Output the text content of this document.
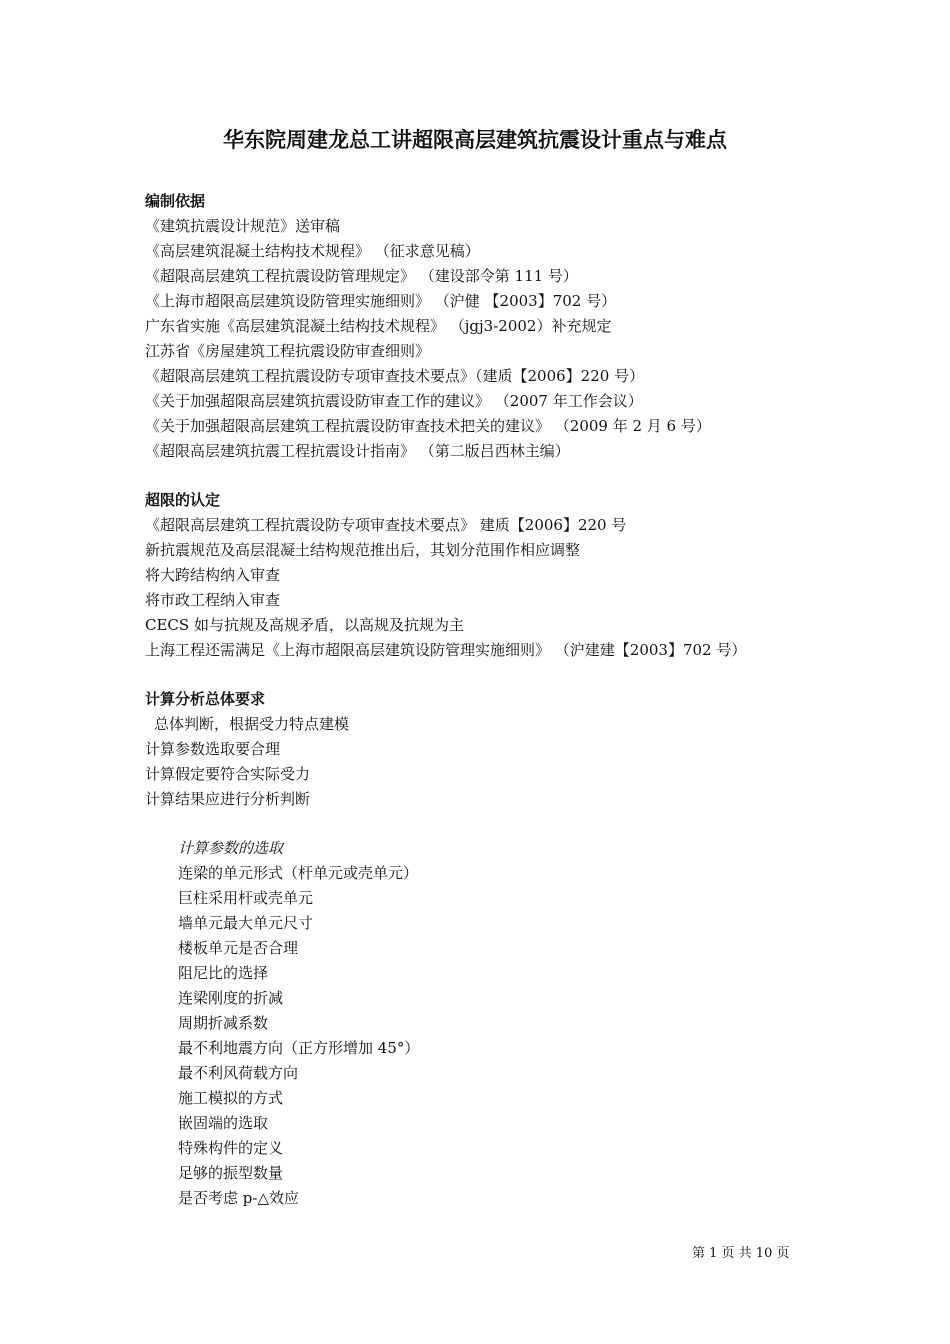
华东院周建龙总工讲超限高层建筑抗震设计重点与难点
编制依据
《建筑抗震设计规范》送审稿
《高层建筑混凝土结构技术规程》 （征求意见稿）
《超限高层建筑工程抗震设防管理规定》 （建设部令第 111 号）
《上海市超限高层建筑设防管理实施细则》 （沪健 【2003】702 号）
广东省实施《高层建筑混凝土结构技术规程》 （jgj3-2002）补充规定
江苏省《房屋建筑工程抗震设防审查细则》
《超限高层建筑工程抗震设防专项审查技术要点》（建质【2006】220 号）
《关于加强超限高层建筑抗震设防审查工作的建议》 （2007 年工作会议）
《关于加强超限高层建筑工程抗震设防审查技术把关的建议》 （2009 年 2 月 6 号）
《超限高层建筑抗震工程抗震设计指南》 （第二版吕西林主编）
超限的认定
《超限高层建筑工程抗震设防专项审查技术要点》 建质【2006】220 号
新抗震规范及高层混凝土结构规范推出后，其划分范围作相应调整
将大跨结构纳入审查
将市政工程纳入审查
CECS 如与抗规及高规矛盾，以高规及抗规为主
上海工程还需满足《上海市超限高层建筑设防管理实施细则》 （沪建建【2003】702 号）
计算分析总体要求
总体判断，根据受力特点建模
计算参数选取要合理
计算假定要符合实际受力
计算结果应进行分析判断
计算参数的选取
连梁的单元形式（杆单元或壳单元）
巨柱采用杆或壳单元
墙单元最大单元尺寸
楼板单元是否合理
阻尼比的选择
连梁刚度的折减
周期折减系数
最不利地震方向（正方形增加 45°）
最不利风荷载方向
施工模拟的方式
嵌固端的选取
特殊构件的定义
足够的振型数量
是否考虑 p-△效应
第 1 页 共 10 页
